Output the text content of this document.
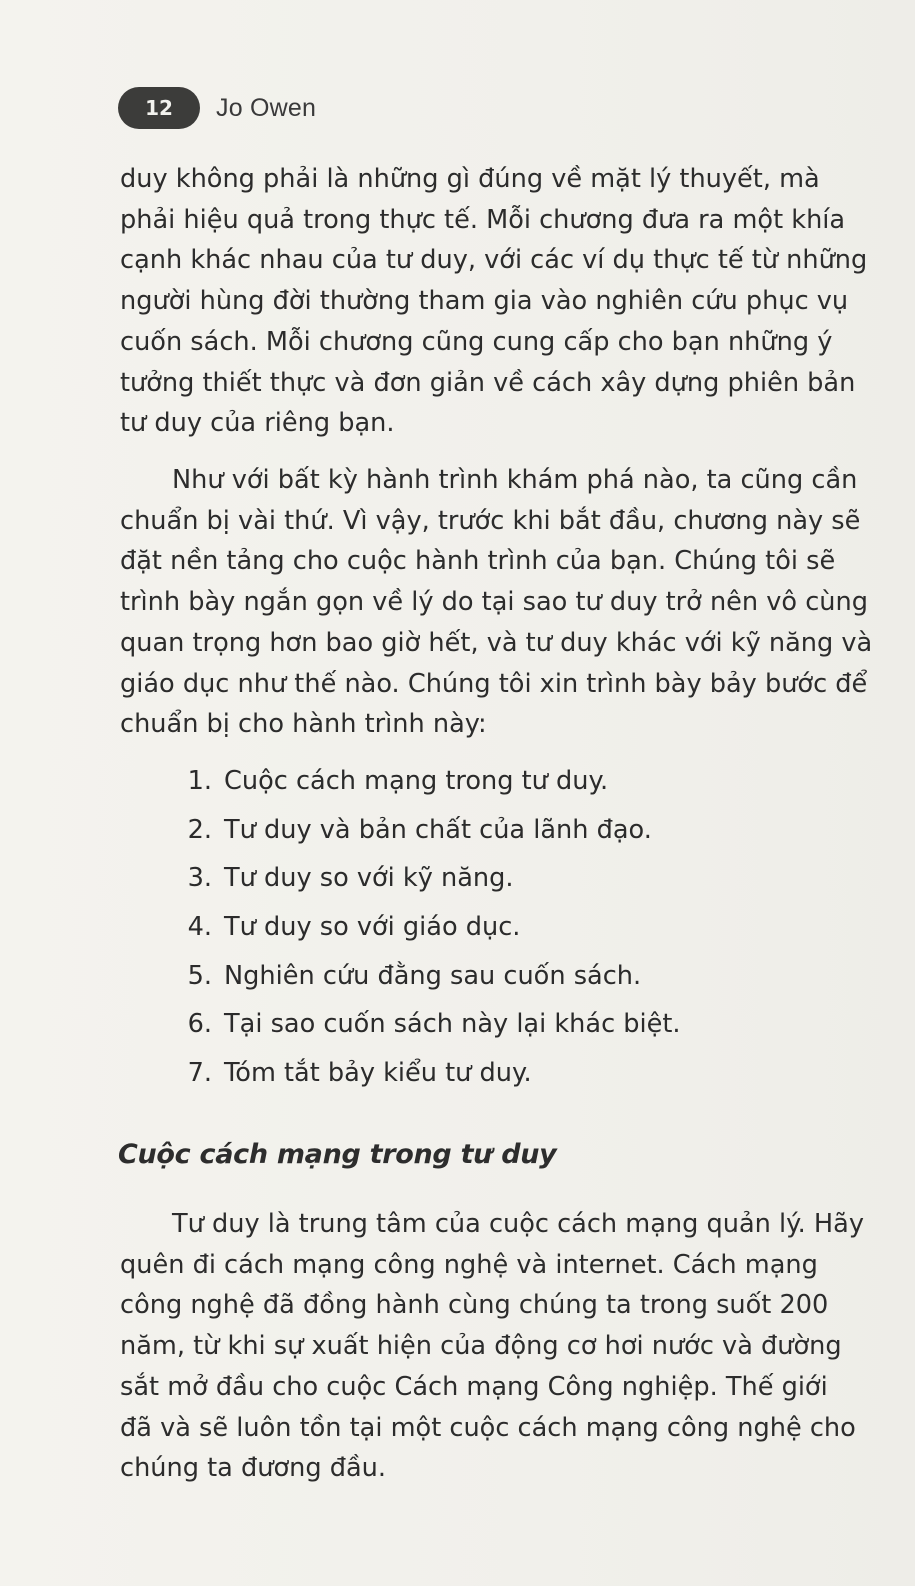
12	Jo Owen
duy không phải là những gì đúng về mặt lý thuyết, mà
phải hiệu quả trong thực tế. Mỗi chương đưa ra một khía
cạnh khác nhau của tư duy, với các ví dụ thực tế từ những
người hùng đời thường tham gia vào nghiên cứu phục vụ
cuốn sách. Mỗi chương cũng cung cấp cho bạn những ý
tưởng thiết thực và đơn giản về cách xây dựng phiên bản
tư duy của riêng bạn.
Như với bất kỳ hành trình khám phá nào, ta cũng cần
chuẩn bị vài thứ. Vì vậy, trước khi bắt đầu, chương này sẽ
đặt nền tảng cho cuộc hành trình của bạn. Chúng tôi sẽ
trình bày ngắn gọn về lý do tại sao tư duy trở nên vô cùng
quan trọng hơn bao giờ hết, và tư duy khác với kỹ năng và
giáo dục như thế nào. Chúng tôi xin trình bày bảy bước để
chuẩn bị cho hành trình này:
1. Cuộc cách mạng trong tư duy.
2. Tư duy và bản chất của lãnh đạo.
3. Tư duy so với kỹ năng.
4. Tư duy so với giáo dục.
5. Nghiên cứu đằng sau cuốn sách.
6. Tại sao cuốn sách này lại khác biệt.
7. Tóm tắt bảy kiểu tư duy.
Cuộc cách mạng trong tư duy
Tư duy là trung tâm của cuộc cách mạng quản lý. Hãy
quên đi cách mạng công nghệ và internet. Cách mạng
công nghệ đã đồng hành cùng chúng ta trong suốt 200
năm, từ khi sự xuất hiện của động cơ hơi nước và đường
sắt mở đầu cho cuộc Cách mạng Công nghiệp. Thế giới
đã và sẽ luôn tồn tại một cuộc cách mạng công nghệ cho
chúng ta đương đầu.
